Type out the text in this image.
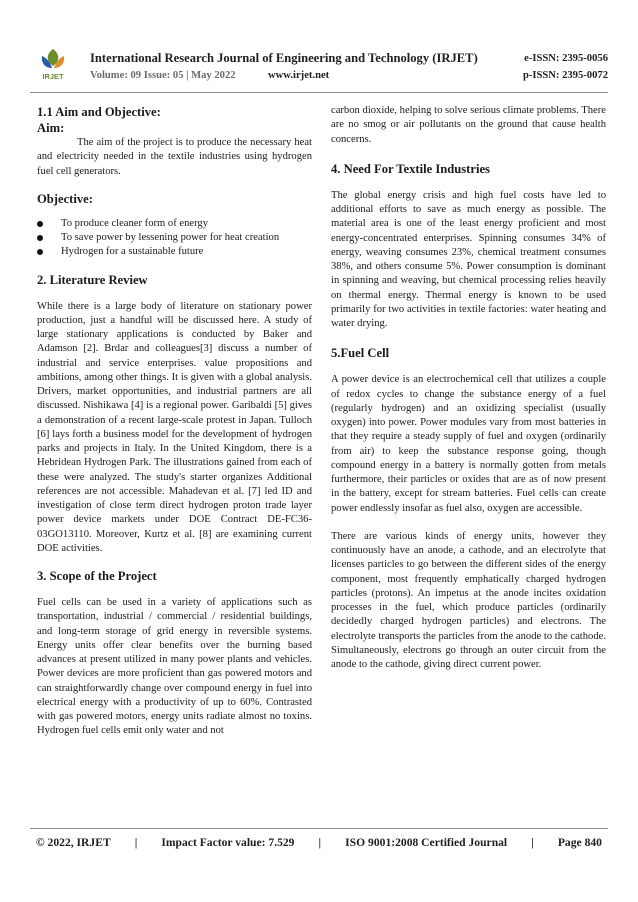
IRJET
International Research Journal of Engineering and Technology (IRJET)	e-ISSN: 2395-0056
Volume: 09 Issue: 05 | May 2022	www.irjet.net	p-ISSN: 2395-0072
1.1 Aim and Objective:
Aim:

The aim of the project is to produce the necessary heat and electricity needed in the textile industries using hydrogen fuel cell generators.

Objective:
To produce cleaner form of energy
To save power by lessening power for heat creation
Hydrogen for a sustainable future
2. Literature Review

While there is a large body of literature on stationary power production, just a handful will be discussed here. A study of large stationary applications is conducted by Baker and Adamson [2]. Brdar and colleagues[3] discuss a number of industrial and service enterprises. value propositions and ambitions, among other things. It is given with a global analysis. Drivers, market opportunities, and industrial partners are all discussed. Nishikawa [4] is a regional power. Garibaldi [5] gives a demonstration of a recent large-scale protest in Japan. Tulloch [6] lays forth a business model for the development of hydrogen parks and projects in Italy. In the United Kingdom, there is a Hebridean Hydrogen Park. The illustrations gained from each of these were analyzed. The study's starter organizes Additional references are not accessible. Mahadevan et al. [7] led ID and investigation of close term direct hydrogen proton trade layer power device markets under DOE Contract DE-FC36-03GO13110. Moreover, Kurtz et al. [8] are examining current DOE activities.

3. Scope of the Project

Fuel cells can be used in a variety of applications such as transportation, industrial / commercial / residential buildings, and long-term storage of grid energy in reversible systems. Energy units offer clear benefits over the burning based advances at present utilized in many power plants and vehicles. Power devices are more proficient than gas powered motors and can straightforwardly change over compound energy in fuel into electrical energy with a productivity of up to 60%. Contrasted with gas powered motors, energy units radiate almost no toxins. Hydrogen fuel cells emit only water and not

carbon dioxide, helping to solve serious climate problems. There are no smog or air pollutants on the ground that cause health concerns.

4. Need For Textile Industries

The global energy crisis and high fuel costs have led to additional efforts to save as much energy as possible. The material area is one of the least energy proficient and most energy-concentrated enterprises. Spinning consumes 34% of energy, weaving consumes 23%, chemical treatment consumes 38%, and others consume 5%. Power consumption is dominant in spinning and weaving, but chemical processing relies heavily on thermal energy. Thermal energy is known to be used primarily for two activities in textile factories: water heating and water drying.

5.Fuel Cell

A power device is an electrochemical cell that utilizes a couple of redox cycles to change the substance energy of a fuel (regularly hydrogen) and an oxidizing specialist (usually oxygen) into power. Power modules vary from most batteries in that they require a steady supply of fuel and oxygen (ordinarily from air) to keep the substance response going, though compound energy in a battery is normally gotten from metals furthermore, their particles or oxides that are as of now present in the battery, except for stream batteries. Fuel cells can create power endlessly insofar as fuel also, oxygen are accessible.

There are various kinds of energy units, however they continuously have an anode, a cathode, and an electrolyte that licenses particles to go between the different sides of the energy component, most frequently emphatically charged hydrogen particles (protons). An impetus at the anode incites oxidation processes in the fuel, which produce particles (ordinarily decidedly charged hydrogen particles) and electrons. The electrolyte transports the particles from the anode to the cathode. Simultaneously, electrons go through an outer circuit from the anode to the cathode, giving direct current power.

© 2022, IRJET	|	Impact Factor value: 7.529	|	ISO 9001:2008 Certified Journal	|	Page 840
